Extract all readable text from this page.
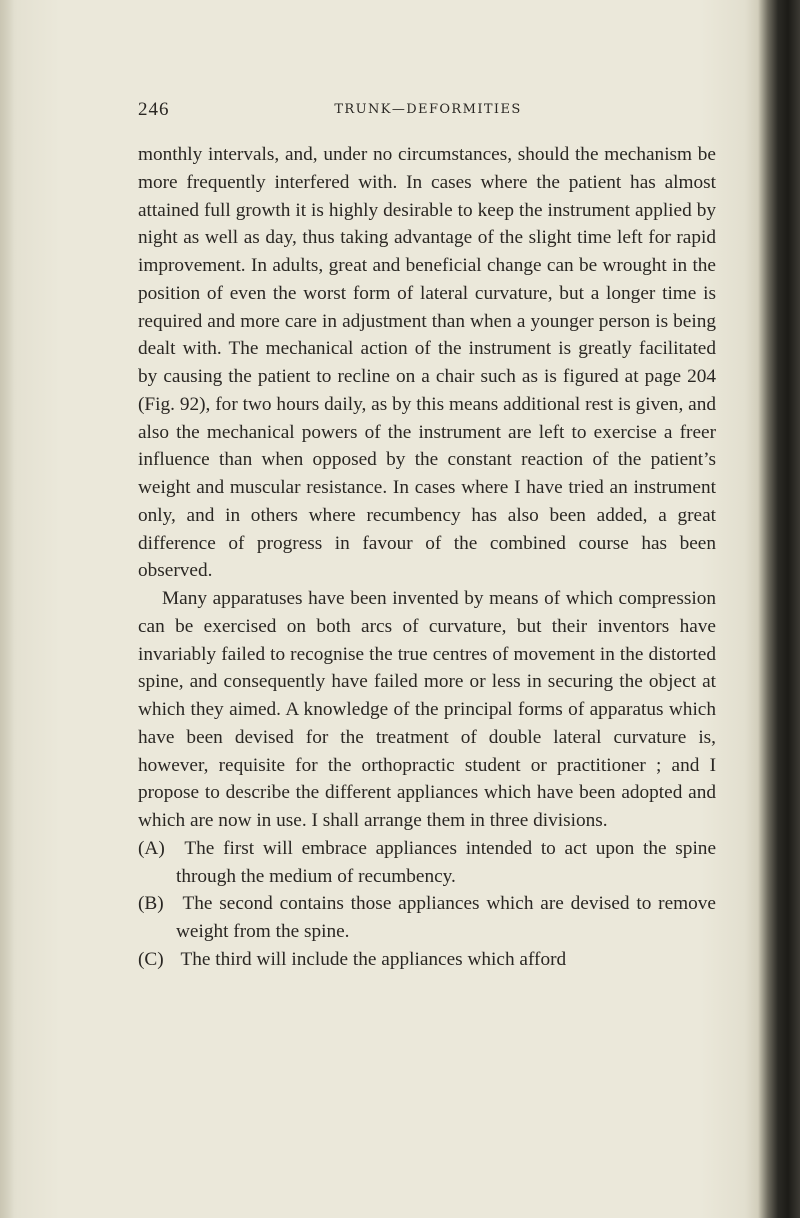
246	TRUNK—DEFORMITIES

monthly intervals, and, under no circumstances, should the mechanism be more frequently interfered with. In cases where the patient has almost attained full growth it is highly desirable to keep the instrument applied by night as well as day, thus taking advantage of the slight time left for rapid improvement. In adults, great and beneficial change can be wrought in the position of even the worst form of lateral curvature, but a longer time is required and more care in adjustment than when a younger person is being dealt with. The mechanical action of the instrument is greatly facilitated by causing the patient to recline on a chair such as is figured at page 204 (Fig. 92), for two hours daily, as by this means additional rest is given, and also the mechanical powers of the instrument are left to exercise a freer influence than when opposed by the constant reaction of the patient’s weight and muscular resistance. In cases where I have tried an instrument only, and in others where recumbency has also been added, a great difference of progress in favour of the combined course has been observed.

Many apparatuses have been invented by means of which compression can be exercised on both arcs of curvature, but their inventors have invariably failed to recognise the true centres of movement in the distorted spine, and consequently have failed more or less in securing the object at which they aimed. A knowledge of the principal forms of apparatus which have been devised for the treatment of double lateral curvature is, however, requisite for the orthopractic student or practitioner ; and I propose to describe the different appliances which have been adopted and which are now in use. I shall arrange them in three divisions.

(A) The first will embrace appliances intended to act upon the spine through the medium of recumbency.

(B) The second contains those appliances which are devised to remove weight from the spine.

(C) The third will include the appliances which afford
